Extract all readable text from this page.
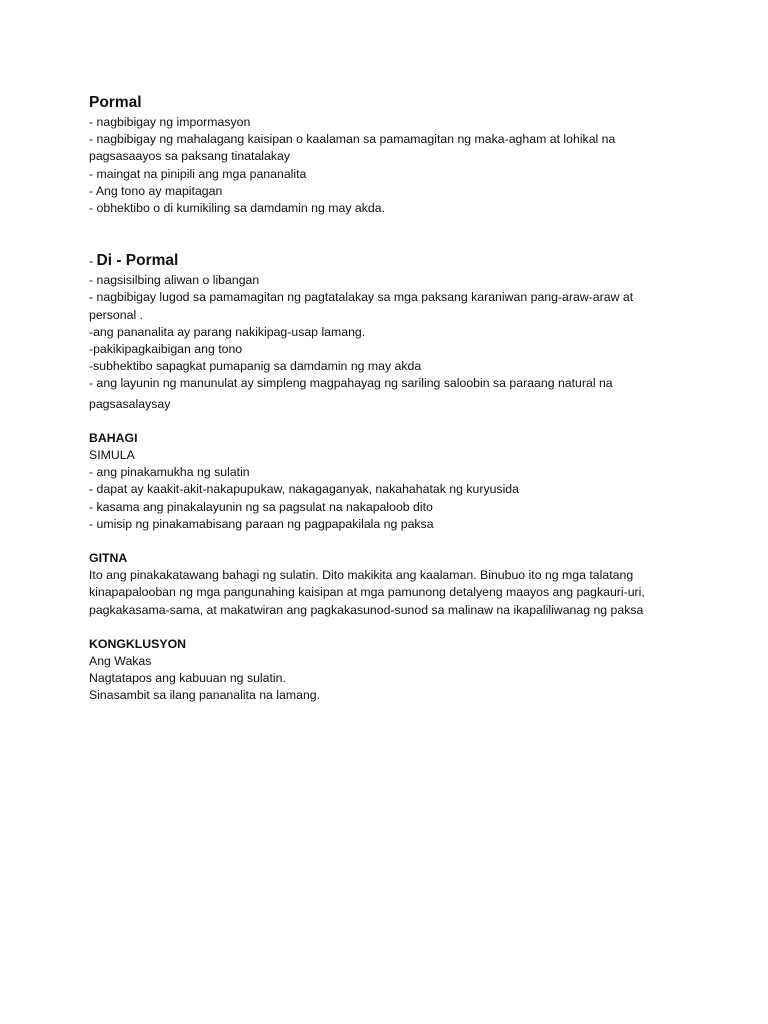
Pormal

- nagbibigay ng impormasyon

- nagbibigay ng mahalagang kaisipan o kaalaman sa pamamagitan ng maka-agham at lohikal na

pagsasaayos sa paksang tinatalakay

- maingat na pinipili ang mga pananalita

- Ang tono ay mapitagan

- obhektibo o di kumikiling sa damdamin ng may akda.

- Di - Pormal

- nagsisilbing aliwan o libangan

- nagbibigay lugod sa pamamagitan ng pagtatalakay sa mga paksang karaniwan pang-araw-araw at

personal .

-ang pananalita ay parang nakikipag-usap lamang.

-pakikipagkaibigan ang tono

-subhektibo sapagkat pumapanig sa damdamin ng may akda

- ang layunin ng manunulat ay simpleng magpahayag ng sariling saloobin sa paraang natural na

pagsasalaysay

BAHAGI

SIMULA

- ang pinakamukha ng sulatin

- dapat ay kaakit-akit-nakapupukaw, nakagaganyak, nakahahatak ng kuryusida

- kasama ang pinakalayunin ng sa pagsulat na nakapaloob dito

- umisip ng pinakamabisang paraan ng pagpapakilala ng paksa

GITNA

Ito ang pinakakatawang bahagi ng sulatin. Dito makikita ang kaalaman. Binubuo ito ng mga talatang

kinapapalooban ng mga pangunahing kaisipan at mga pamunong detalyeng maayos ang pagkauri-uri,

pagkakasama-sama, at makatwiran ang pagkakasunod-sunod sa malinaw na ikapaliliwanag ng paksa

KONGKLUSYON

Ang Wakas

Nagtatapos ang kabuuan ng sulatin.

Sinasambit sa ilang pananalita na lamang.
